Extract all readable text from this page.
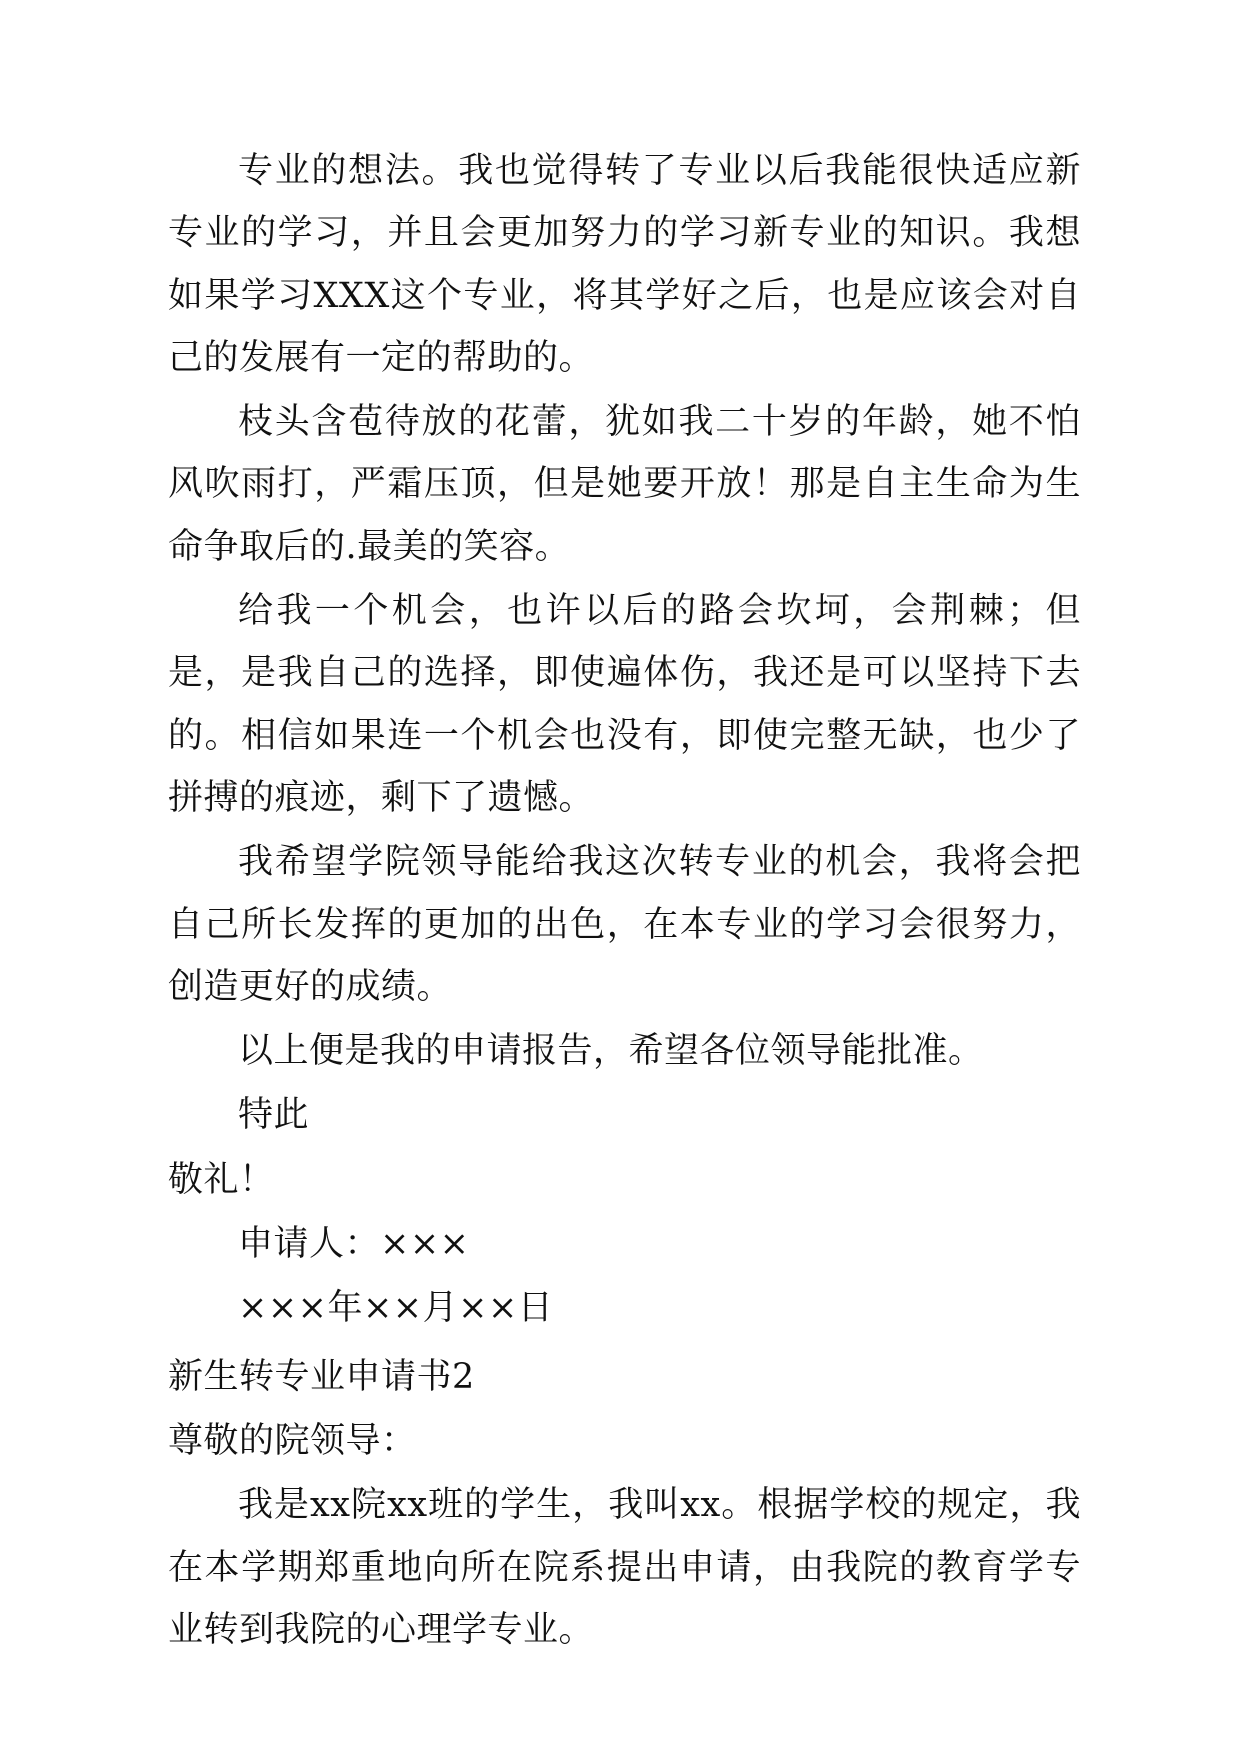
专业的想法。我也觉得转了专业以后我能很快适应新专业的学习，并且会更加努力的学习新专业的知识。我想如果学习XXX这个专业，将其学好之后，也是应该会对自己的发展有一定的帮助的。

枝头含苞待放的花蕾，犹如我二十岁的年龄，她不怕风吹雨打，严霜压顶，但是她要开放！那是自主生命为生命争取后的.最美的笑容。

给我一个机会，也许以后的路会坎坷，会荆棘；但是，是我自己的选择，即使遍体伤，我还是可以坚持下去的。相信如果连一个机会也没有，即使完整无缺，也少了拼搏的痕迹，剩下了遗憾。

我希望学院领导能给我这次转专业的机会，我将会把自己所长发挥的更加的出色，在本专业的学习会很努力，创造更好的成绩。

以上便是我的申请报告，希望各位领导能批准。

特此

敬礼！

申请人：×××

×××年××月××日

新生转专业申请书2

尊敬的院领导：

我是xx院xx班的学生，我叫xx。根据学校的规定，我在本学期郑重地向所在院系提出申请，由我院的教育学专业转到我院的心理学专业。
